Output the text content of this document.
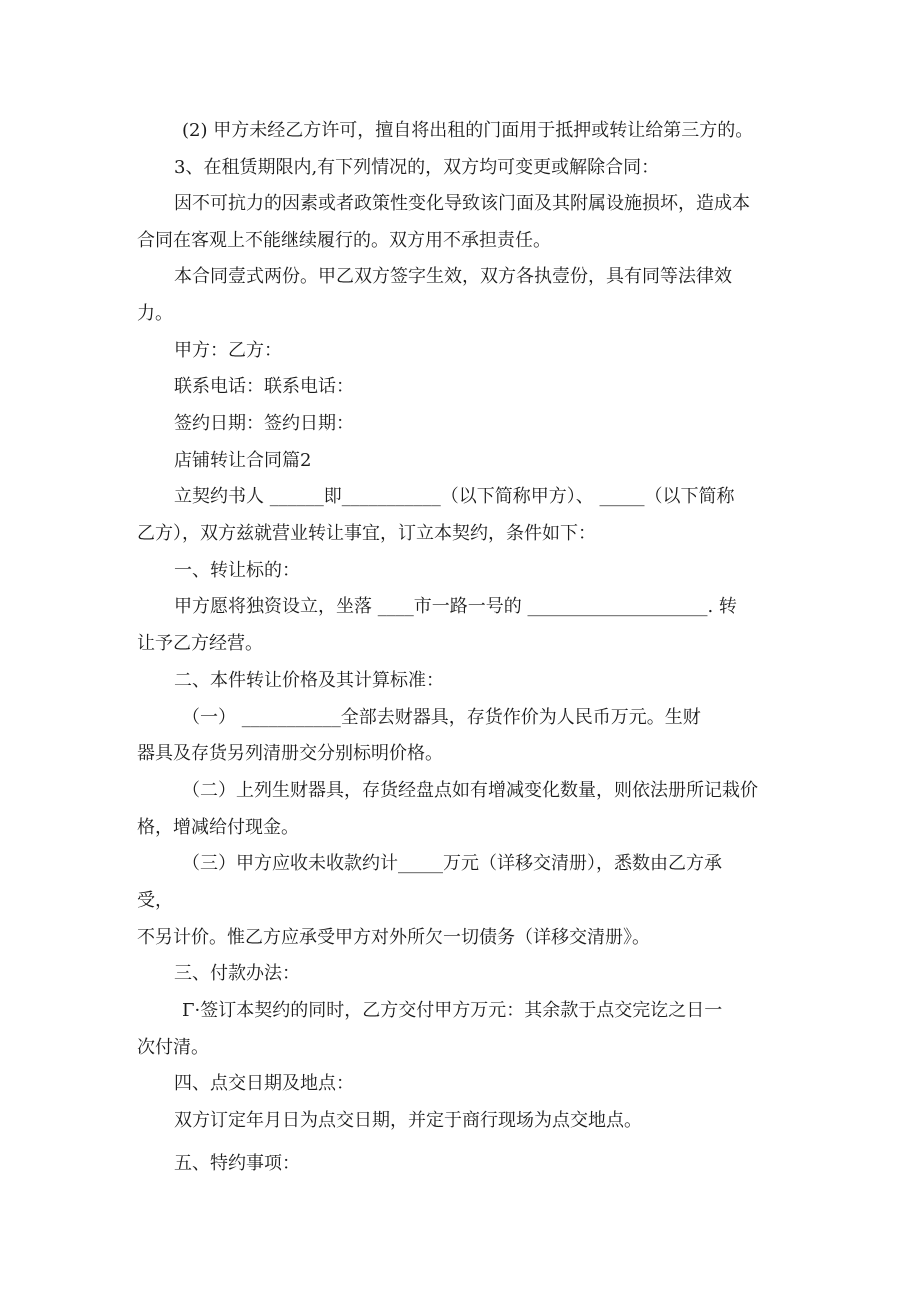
(2) 甲方未经乙方许可，擅自将出租的门面用于抵押或转让给第三方的。
3、在租赁期限内,有下列情况的，双方均可变更或解除合同：
因不可抗力的因素或者政策性变化导致该门面及其附属设施损坏，造成本
合同在客观上不能继续履行的。双方用不承担责任。
本合同壹式两份。甲乙双方签字生效，双方各执壹份，具有同等法律效
力。
甲方：乙方：
联系电话：联系电话：
签约日期：签约日期：
店铺转让合同篇2
立契约书人 ______即___________（以下简称甲方）、 _____（以下简称
乙方），双方兹就营业转让事宜，订立本契约，条件如下：
一、转让标的：
甲方愿将独资设立，坐落 ____市一路一号的 ____________________. 转
让予乙方经营。
二、本件转让价格及其计算标准：
（一） ___________全部去财器具，存货作价为人民币万元。生财
器具及存货另列清册交分别标明价格。
（二）上列生财器具，存货经盘点如有增减变化数量，则依法册所记栽价
格，增减给付现金。
（三）甲方应收未收款约计_____万元（详移交清册），悉数由乙方承
受，
不另计价。惟乙方应承受甲方对外所欠一切债务（详移交清册》。
三、付款办法：
Γ·签订本契约的同时，乙方交付甲方万元：其余款于点交完讫之日一
次付清。
四、点交日期及地点：
双方订定年月日为点交日期，并定于商行现场为点交地点。
五、特约事项：
